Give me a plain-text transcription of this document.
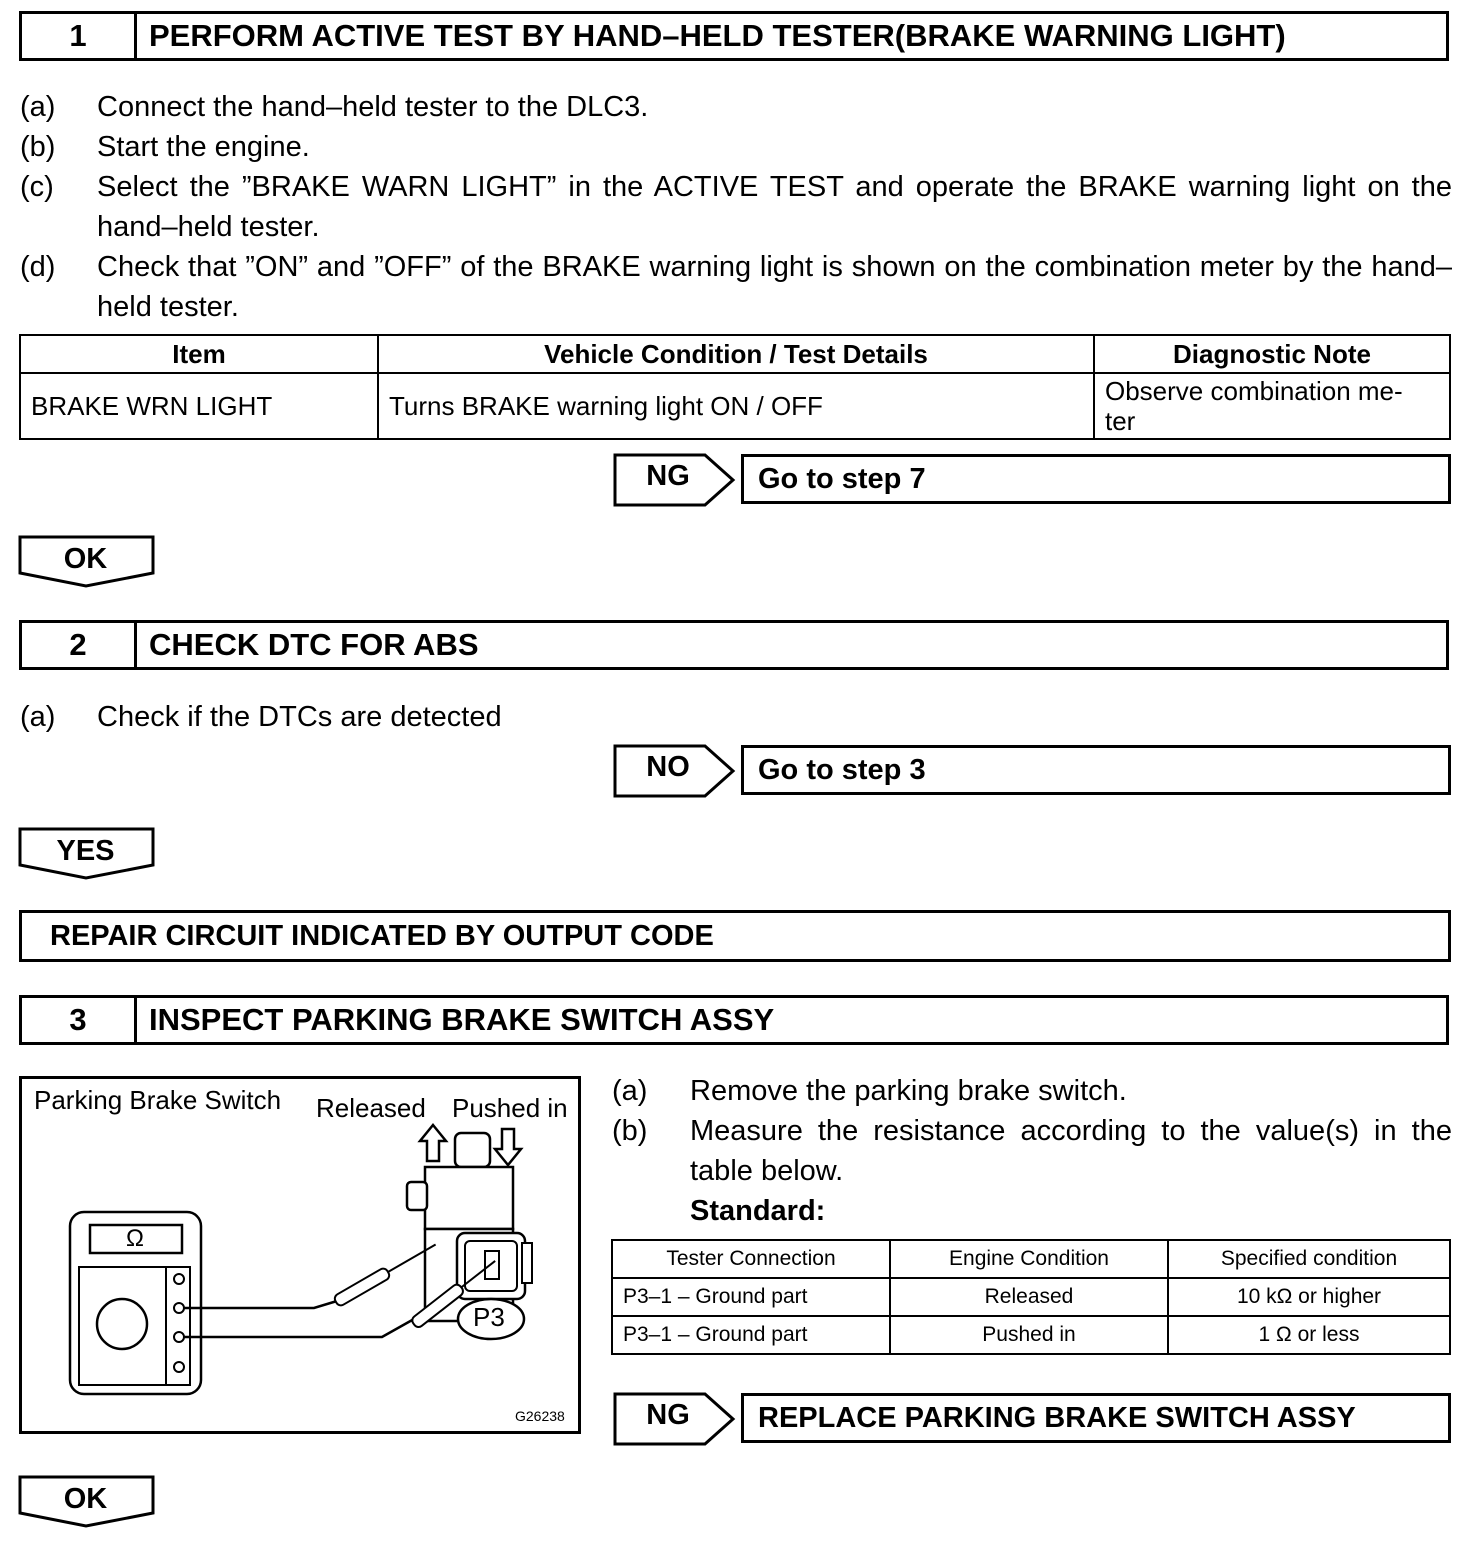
1	PERFORM ACTIVE TEST BY HAND–HELD TESTER(BRAKE WARNING LIGHT)
(a) Connect the hand–held tester to the DLC3.
(b) Start the engine.
(c) Select the ”BRAKE WARN LIGHT” in the ACTIVE TEST and operate the BRAKE warning light on the hand–held tester.
(d) Check that ”ON” and ”OFF” of the BRAKE warning light is shown on the combination meter by the hand–held tester.
Item	Vehicle Condition / Test Details	Diagnostic Note
BRAKE WRN LIGHT	Turns BRAKE warning light ON / OFF	Observe combination me-
ter
NG	Go to step 7
OK
2	CHECK DTC FOR ABS
(a) Check if the DTCs are detected
NO	Go to step 3
YES
REPAIR CIRCUIT INDICATED BY OUTPUT CODE
3	INSPECT PARKING BRAKE SWITCH ASSY
Parking Brake Switch Released Pushed in
G26238
Ω
P3
(a) Remove the parking brake switch.
(b) Measure the resistance according to the value(s) in the table below.
Standard:
Tester Connection	Engine Condition	Specified condition
P3–1 – Ground part	Released	10 kΩ or higher
P3–1 – Ground part	Pushed in	1 Ω or less
NG	REPLACE PARKING BRAKE SWITCH ASSY
OK
